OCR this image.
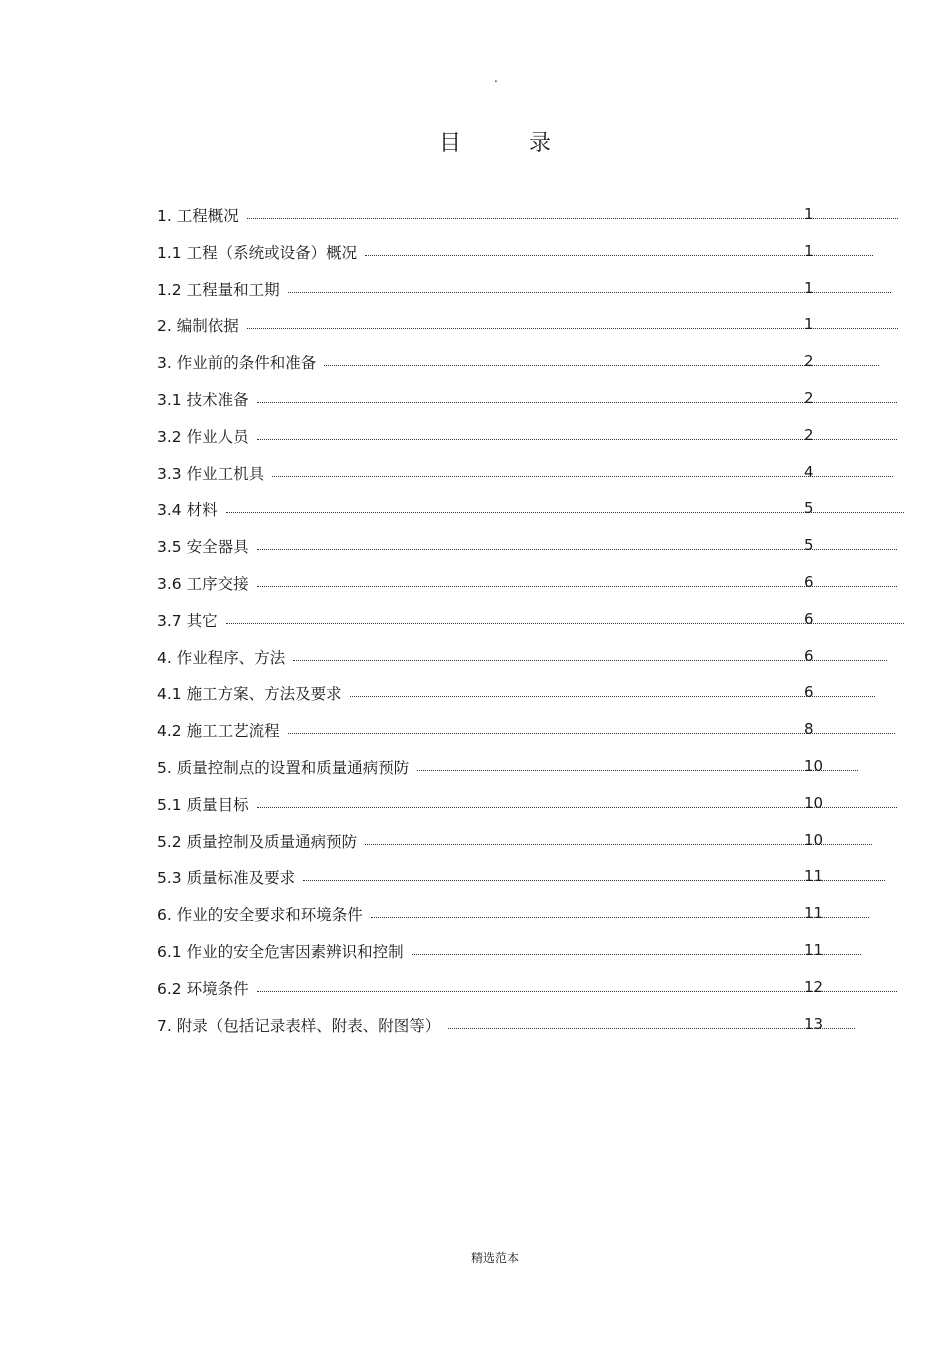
.
目	录
1. 工程概况	1
1.1 工程（系统或设备）概况	1
1.2 工程量和工期	1
2. 编制依据	1
3. 作业前的条件和准备	2
3.1 技术准备	2
3.2 作业人员	2
3.3 作业工机具	4
3.4 材料	5
3.5 安全器具	5
3.6 工序交接	6
3.7 其它	6
4. 作业程序、方法	6
4.1 施工方案、方法及要求	6
4.2 施工工艺流程	8
5. 质量控制点的设置和质量通病预防	10
5.1 质量目标	10
5.2 质量控制及质量通病预防	10
5.3 质量标准及要求	11
6. 作业的安全要求和环境条件	11
6.1 作业的安全危害因素辨识和控制	11
6.2 环境条件	12
7. 附录（包括记录表样、附表、附图等）	13
精选范本
